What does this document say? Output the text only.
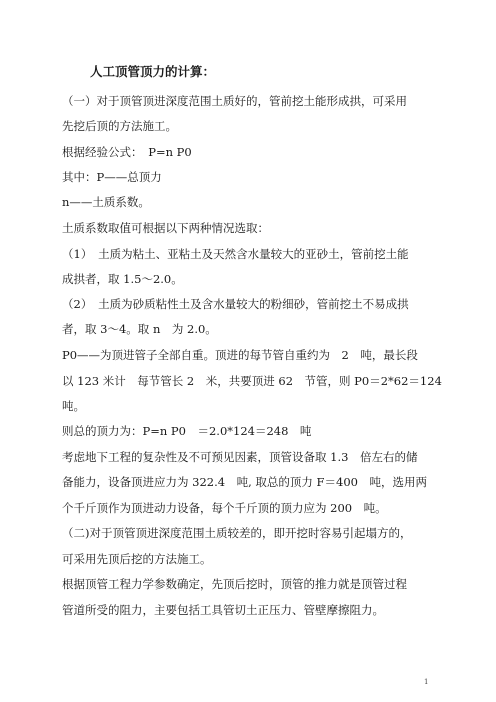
人工顶管顶力的计算：
（一）对于顶管顶进深度范围土质好的，管前挖土能形成拱，可采用
先挖后顶的方法施工。
根据经验公式：　P=n P0
其中：P——总顶力
n——土质系数。
土质系数取值可根据以下两种情况选取：
（1）　土质为粘土、亚粘土及天然含水量较大的亚砂土，管前挖土能
成拱者，取 1.5～2.0。
（2）　土质为砂质粘性土及含水量较大的粉细砂，管前挖土不易成拱
者，取 3～4。取 n　为 2.0。
P0——为顶进管子全部自重。顶进的每节管自重约为　2　吨，最长段
以 123 米计　每节管长 2　米，共要顶进 62　节管，则 P0＝2*62＝124
吨。
则总的顶力为：P=n P0　＝2.0*124＝248　吨
考虑地下工程的复杂性及不可预见因素，顶管设备取 1.3　倍左右的储
备能力，设备顶进应力为 322.4　吨, 取总的顶力 F＝400　吨，选用两
个千斤顶作为顶进动力设备，每个千斤顶的顶力应为 200　吨。
（二)对于顶管顶进深度范围土质较差的，即开挖时容易引起塌方的，
可采用先顶后挖的方法施工。
根据顶管工程力学参数确定，先顶后挖时，顶管的推力就是顶管过程
管道所受的阻力，主要包括工具管切土正压力、管壁摩擦阻力。
1
